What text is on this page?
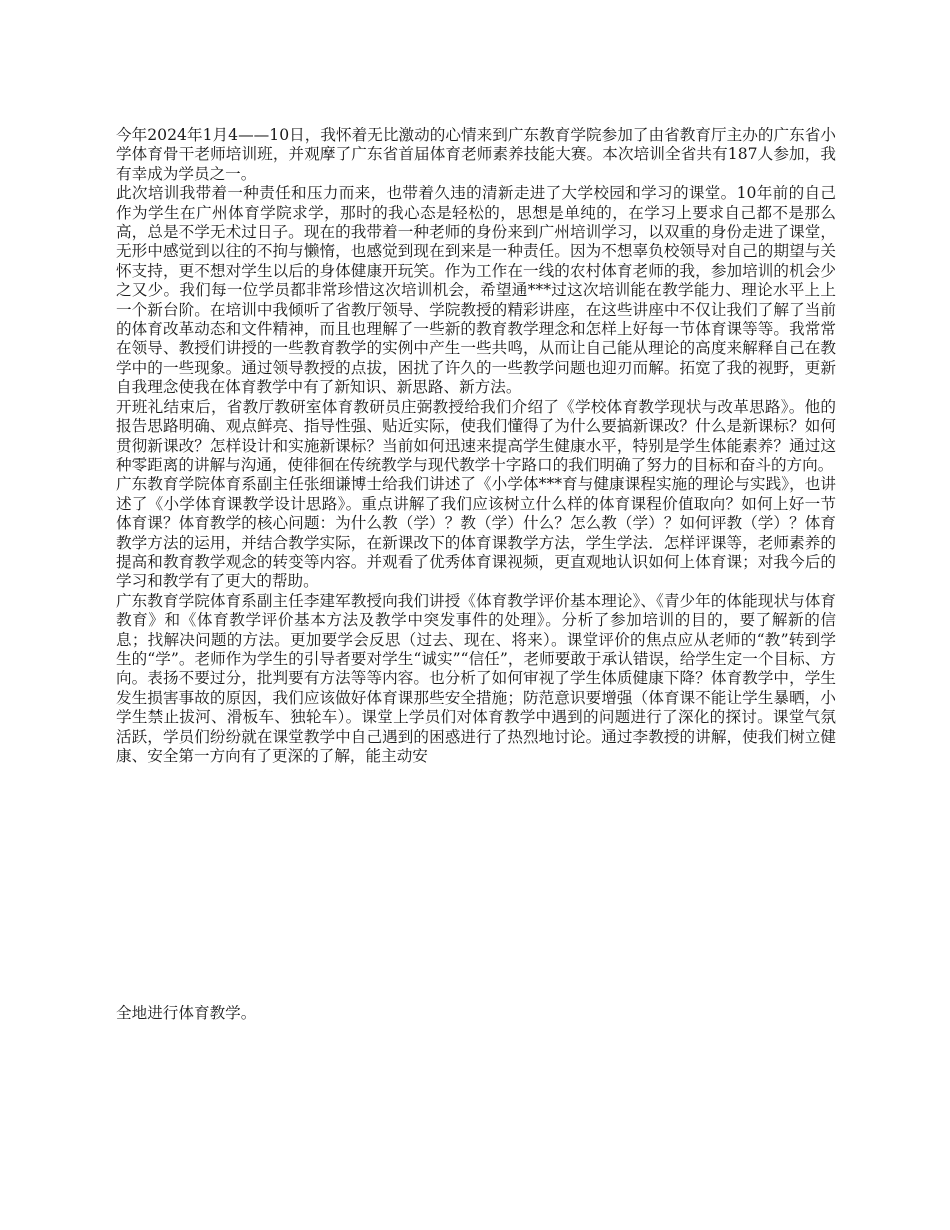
今年2024年1月4——10日，我怀着无比激动的心情来到广东教育学院参加了由省教育厅主办的广东省小学体育骨干老师培训班，并观摩了广东省首届体育老师素养技能大赛。本次培训全省共有187人参加，我有幸成为学员之一。

此次培训我带着一种责任和压力而来，也带着久违的清新走进了大学校园和学习的课堂。10年前的自己作为学生在广州体育学院求学，那时的我心态是轻松的，思想是单纯的，在学习上要求自己都不是那么高，总是不学无术过日子。现在的我带着一种老师的身份来到广州培训学习，以双重的身份走进了课堂，无形中感觉到以往的不拘与懒惰，也感觉到现在到来是一种责任。因为不想辜负校领导对自己的期望与关怀支持，更不想对学生以后的身体健康开玩笑。作为工作在一线的农村体育老师的我，参加培训的机会少之又少。我们每一位学员都非常珍惜这次培训机会，希望通***过这次培训能在教学能力、理论水平上上一个新台阶。在培训中我倾听了省教厅领导、学院教授的精彩讲座，在这些讲座中不仅让我们了解了当前的体育改革动态和文件精神，而且也理解了一些新的教育教学理念和怎样上好每一节体育课等等。我常常在领导、教授们讲授的一些教育教学的实例中产生一些共鸣，从而让自己能从理论的高度来解释自己在教学中的一些现象。通过领导教授的点拔，困扰了许久的一些教学问题也迎刃而解。拓宽了我的视野，更新自我理念使我在体育教学中有了新知识、新思路、新方法。

开班礼结束后，省教厅教研室体育教研员庄弼教授给我们介绍了《学校体育教学现状与改革思路》。他的报告思路明确、观点鲜亮、指导性强、贴近实际，使我们懂得了为什么要搞新课改？什么是新课标？如何贯彻新课改？怎样设计和实施新课标？当前如何迅速来提高学生健康水平，特别是学生体能素养？通过这种零距离的讲解与沟通，使徘徊在传统教学与现代教学十字路口的我们明确了努力的目标和奋斗的方向。

广东教育学院体育系副主任张细谦博士给我们讲述了《小学体***育与健康课程实施的理论与实践》，也讲述了《小学体育课教学设计思路》。重点讲解了我们应该树立什么样的体育课程价值取向？如何上好一节体育课？体育教学的核心问题：为什么教（学）？教（学）什么？怎么教（学）？如何评教（学）？体育教学方法的运用，并结合教学实际，在新课改下的体育课教学方法，学生学法．怎样评课等，老师素养的提高和教育教学观念的转变等内容。并观看了优秀体育课视频，更直观地认识如何上体育课；对我今后的学习和教学有了更大的帮助。

广东教育学院体育系副主任李建军教授向我们讲授《体育教学评价基本理论》、《青少年的体能现状与体育教育》和《体育教学评价基本方法及教学中突发事件的处理》。分析了参加培训的目的，要了解新的信息；找解决问题的方法。更加要学会反思（过去、现在、将来）。课堂评价的焦点应从老师的“教”转到学生的“学”。老师作为学生的引导者要对学生“诚实”“信任”，老师要敢于承认错误，给学生定一个目标、方向。表扬不要过分，批判要有方法等等内容。也分析了如何审视了学生体质健康下降？体育教学中，学生发生损害事故的原因，我们应该做好体育课那些安全措施；防范意识要增强（体育课不能让学生暴晒，小学生禁止拔河、滑板车、独轮车）。课堂上学员们对体育教学中遇到的问题进行了深化的探讨。课堂气氛活跃，学员们纷纷就在课堂教学中自己遇到的困惑进行了热烈地讨论。通过李教授的讲解，使我们树立健康、安全第一方向有了更深的了解，能主动安

全地进行体育教学。
